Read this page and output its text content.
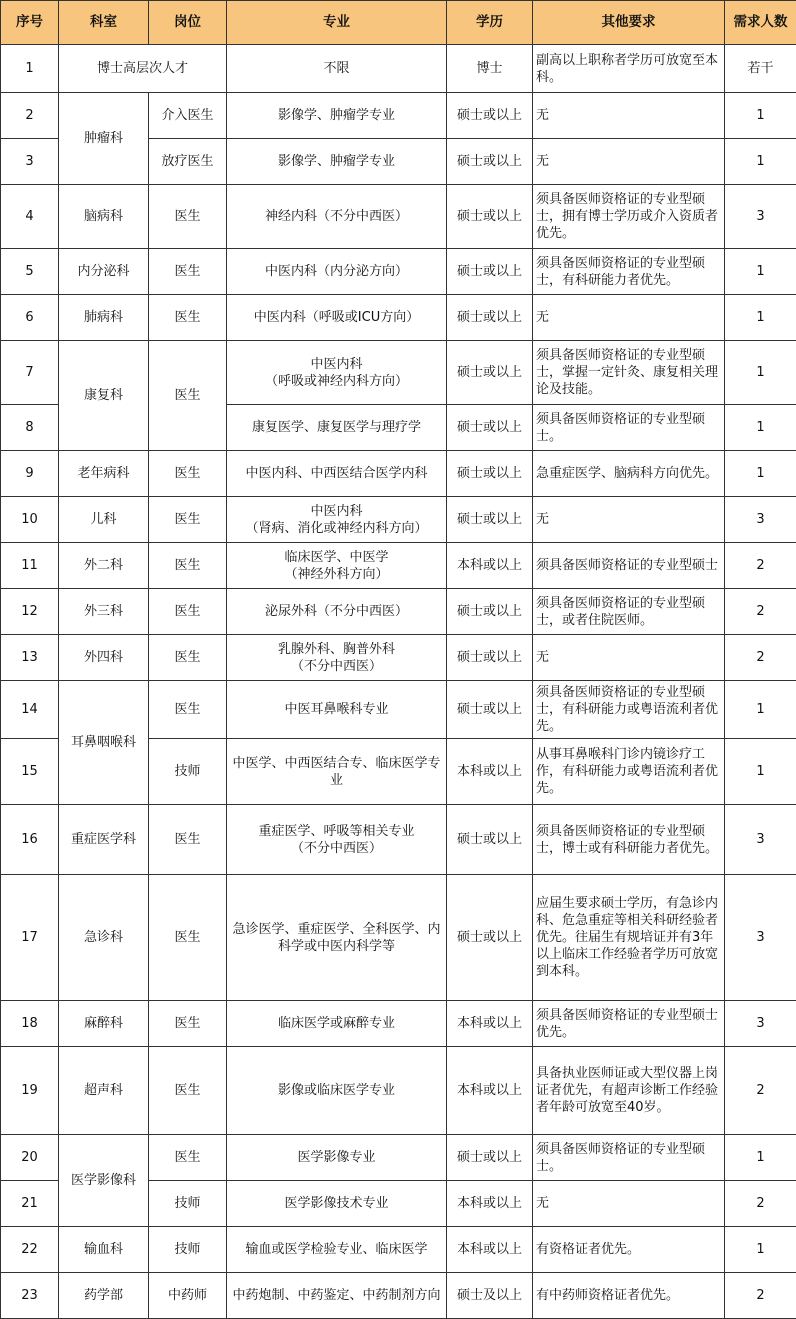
序号	科室	岗位	专业	学历	其他要求	需求人数
1	博士高层次人才		不限	博士	副高以上职称者学历可放宽至本科。	若干
2	肿瘤科	介入医生	影像学、肿瘤学专业	硕士或以上	无	1
3		放疗医生	影像学、肿瘤学专业	硕士或以上	无	1
4	脑病科	医生	神经内科（不分中西医）	硕士或以上	须具备医师资格证的专业型硕士，拥有博士学历或介入资质者优先。	3
5	内分泌科	医生	中医内科（内分泌方向）	硕士或以上	须具备医师资格证的专业型硕士，有科研能力者优先。	1
6	肺病科	医生	中医内科（呼吸或ICU方向）	硕士或以上	无	1
7	康复科	医生	中医内科
（呼吸或神经内科方向）	硕士或以上	须具备医师资格证的专业型硕士，掌握一定针灸、康复相关理论及技能。	1
8			康复医学、康复医学与理疗学	硕士或以上	须具备医师资格证的专业型硕士。	1
9	老年病科	医生	中医内科、中西医结合医学内科	硕士或以上	急重症医学、脑病科方向优先。	1
10	儿科	医生	中医内科
（肾病、消化或神经内科方向）	硕士或以上	无	3
11	外二科	医生	临床医学、中医学
（神经外科方向）	本科或以上	须具备医师资格证的专业型硕士	2
12	外三科	医生	泌尿外科（不分中西医）	硕士或以上	须具备医师资格证的专业型硕士，或者住院医师。	2
13	外四科	医生	乳腺外科、胸普外科
（不分中西医）	硕士或以上	无	2
14	耳鼻咽喉科	医生	中医耳鼻喉科专业	硕士或以上	须具备医师资格证的专业型硕士，有科研能力或粤语流利者优先。	1
15		技师	中医学、中西医结合专、临床医学专业	本科或以上	从事耳鼻喉科门诊内镜诊疗工作，有科研能力或粤语流利者优先。	1
16	重症医学科	医生	重症医学、呼吸等相关专业
（不分中西医）	硕士或以上	须具备医师资格证的专业型硕士，博士或有科研能力者优先。	3
17	急诊科	医生	急诊医学、重症医学、全科医学、内科学或中医内科学等	硕士或以上	应届生要求硕士学历，有急诊内科、危急重症等相关科研经验者优先。往届生有规培证并有3年以上临床工作经验者学历可放宽到本科。	3
18	麻醉科	医生	临床医学或麻醉专业	本科或以上	须具备医师资格证的专业型硕士优先。	3
19	超声科	医生	影像或临床医学专业	本科或以上	具备执业医师证或大型仪器上岗证者优先，有超声诊断工作经验者年龄可放宽至40岁。	2
20	医学影像科	医生	医学影像专业	硕士或以上	须具备医师资格证的专业型硕士。	1
21		技师	医学影像技术专业	本科或以上	无	2
22	输血科	技师	输血或医学检验专业、临床医学	本科或以上	有资格证者优先。	1
23	药学部	中药师	中药炮制、中药鉴定、中药制剂方向	硕士及以上	有中药师资格证者优先。	2
